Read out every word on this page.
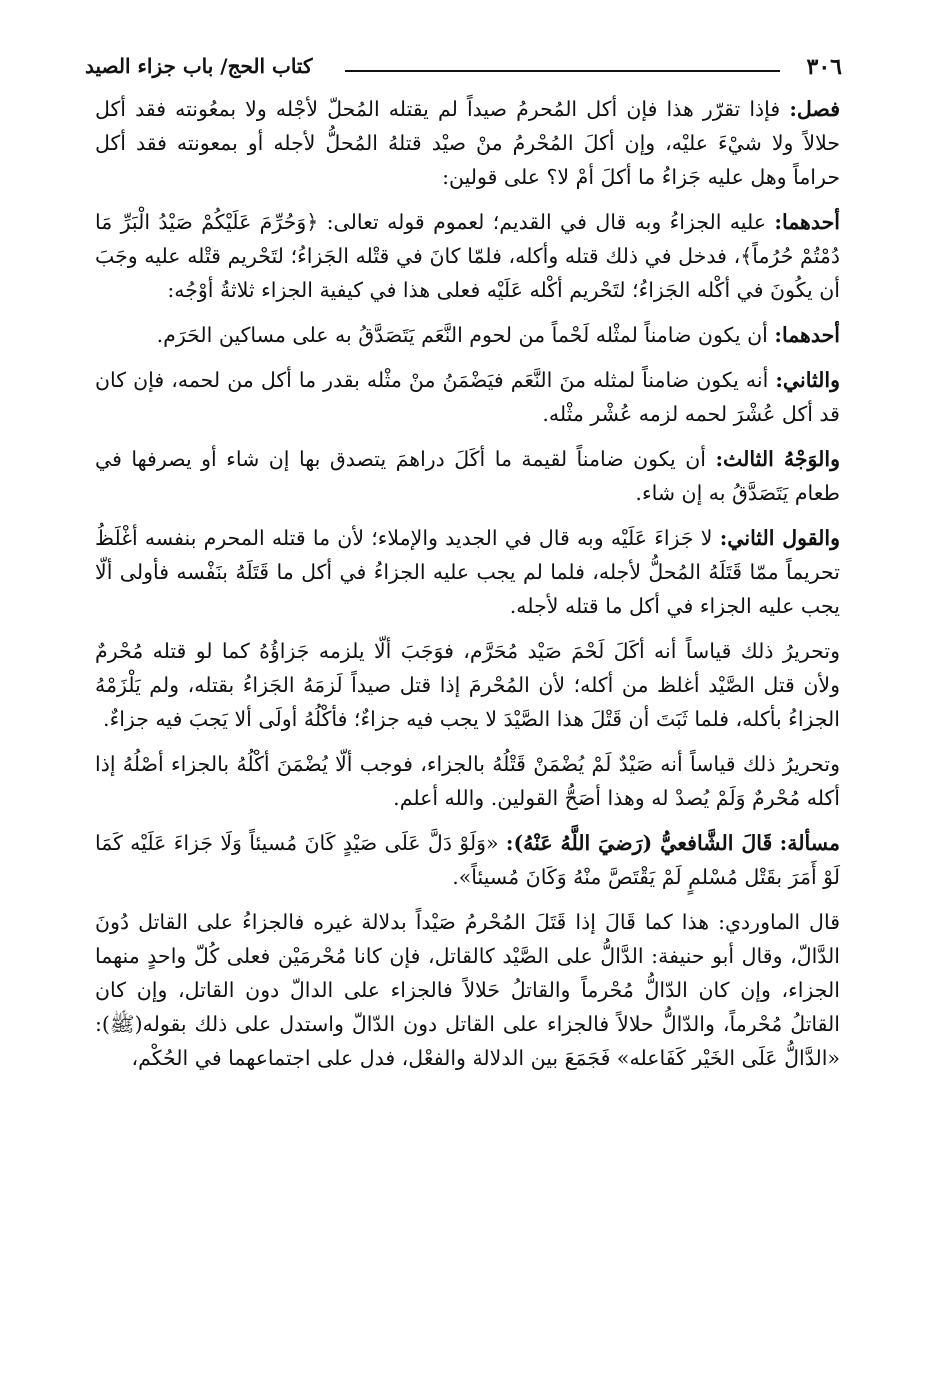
٣٠٦
كتاب الحج/ باب جزاء الصيد

فصل: فإذا تقرّر هذا فإن أكل المُحرمُ صيداً لم يقتله المُحلّ لأجْله ولا بمعُونته فقد أكل حلالاً ولا شيْءَ عليْه، وإن أكلَ المُحْرمُ منْ صيْد قتلهُ المُحلُّ لأجله أو بمعونته فقد أكل حراماً وهل عليه جَزاءُ ما أكلَ أمْ لا؟ على قولين:

أحدهما: عليه الجزاءُ وبه قال في القديم؛ لعموم قوله تعالى: ﴿وَحُرِّمَ عَلَيْكُمْ صَيْدُ الْبَرِّ مَا دُمْتُمْ حُرُماً﴾، فدخل في ذلك قتله وأكله، فلمّا كانَ في قتْله الجَزاءُ؛ لتَحْريم قتْله عليه وجَبَ أن يكُونَ في أكْله الجَزاءُ؛ لتَحْريم أكْله عَلَيْه فعلى هذا في كيفية الجزاء ثلاثةُ أوْجُه:

أحدهما: أن يكون ضامناً لمثْله لَحْماً من لحوم النَّعَم يَتَصَدَّقُ به على مساكين الحَرَم.

والثاني: أنه يكون ضامناً لمثله منَ النَّعَم فيَضْمَنُ منْ مثْله بقدر ما أكل من لحمه، فإن كان قد أكل عُشْرَ لحمه لزمه عُشْر مثْله.

والوَجْهُ الثالث: أن يكون ضامناً لقيمة ما أكَلَ دراهمَ يتصدق بها إن شاء أو يصرفها في طعام يَتَصَدَّقُ به إن شاء.

والقول الثاني: لا جَزاءَ عَلَيْه وبه قال في الجديد والإملاء؛ لأن ما قتله المحرم بنفسه أغْلَظُ تحريماً ممّا قَتَلَهُ المُحلُّ لأجله، فلما لم يجب عليه الجزاءُ في أكل ما قَتَلَهُ بنَفْسه فأولى ألّا يجب عليه الجزاء في أكل ما قتله لأجله.

وتحريرُ ذلك قياساً أنه أكَلَ لَحْمَ صَيْد مُحَرَّم، فوَجَبَ ألّا يلزمه جَزاؤُهُ كما لو قتله مُحْرمٌ ولأن قتل الصَّيْد أغلظ من أكله؛ لأن المُحْرمَ إذا قتل صيداً لَزمَهُ الجَزاءُ بقتله، ولم يَلْزَمْهُ الجزاءُ بأكله، فلما ثَبَتَ أن قَتْلَ هذا الصَّيْدَ لا يجب فيه جزاءٌ؛ فأكْلُهُ أولَى ألا يَجبَ فيه جزاءٌ.

وتحريرُ ذلك قياساً أنه صَيْدٌ لَمْ يُضْمَنْ قَتْلُهُ بالجزاء، فوجب ألّا يُضْمَنَ أكْلُهُ بالجزاء أصْلُهُ إذا أكله مُحْرمٌ وَلَمْ يُصدْ له وهذا أصَحُّ القولين. والله أعلم.

مسألة: قَالَ الشَّافعيُّ (رَضيَ اللَّهُ عَنْهُ): «وَلَوْ دَلَّ عَلَى صَيْدٍ كَانَ مُسيئاً وَلَا جَزاءَ عَلَيْه كَمَا لَوْ أَمَرَ بقَتْل مُسْلمٍ لَمْ يَقْتَصَّ منْهُ وَكَانَ مُسيئاً».

قال الماوردي: هذا كما قَالَ إذا قَتَلَ المُحْرمُ صَيْداً بدلالة غيره فالجزاءُ على القاتل دُونَ الدَّالّ، وقال أبو حنيفة: الدَّالُّ على الصَّيْد كالقاتل، فإن كانا مُحْرمَيْن فعلى كُلّ واحدٍ منهما الجزاء، وإن كان الدّالُّ مُحْرماً والقاتلُ حَلالاً فالجزاء على الدالّ دون القاتل، وإن كان القاتلُ مُحْرماً، والدّالُّ حلالاً فالجزاء على القاتل دون الدّالّ واستدل على ذلك بقوله(ﷺ): «الدَّالُّ عَلَى الخَيْر كَفَاعله» فَجَمَعَ بين الدلالة والفعْل، فدل على اجتماعهما في الحُكْم،
